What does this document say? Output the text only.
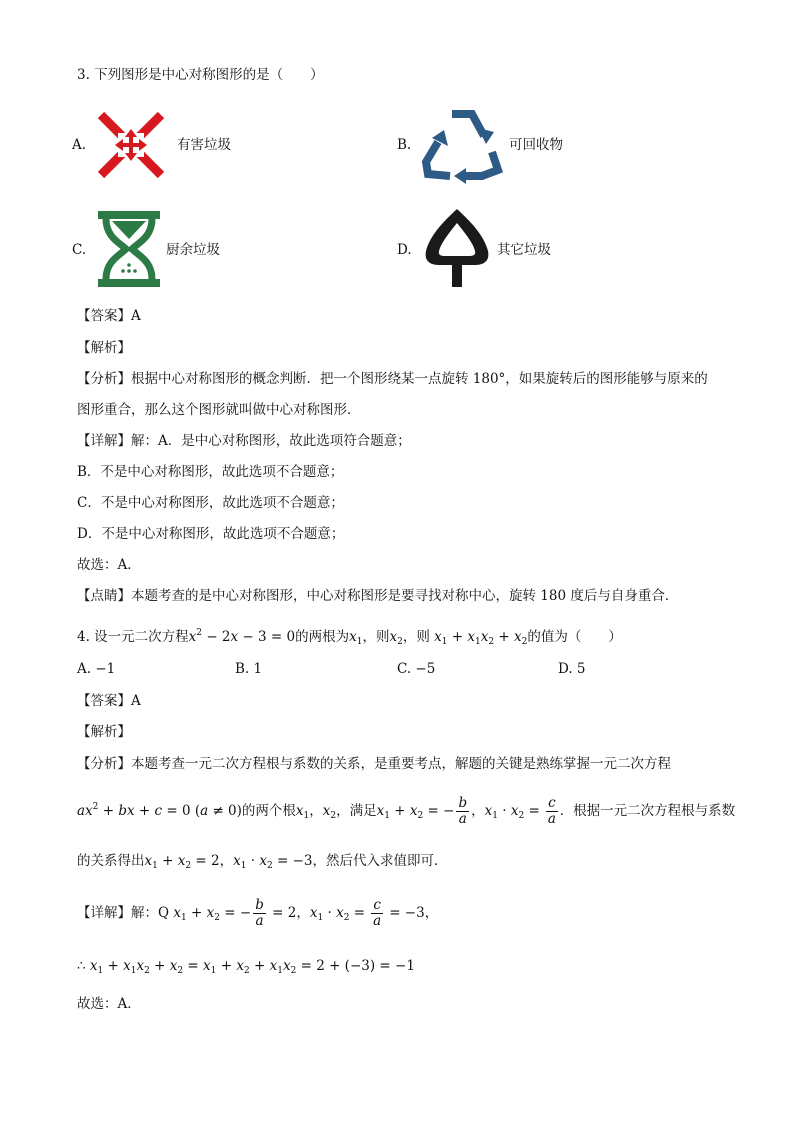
3. 下列图形是中心对称图形的是（　　）
A.	有害垃圾	B.	可回收物
C.	厨余垃圾	D.	其它垃圾
【答案】A
【解析】
【分析】根据中心对称图形的概念判断．把一个图形绕某一点旋转 180°，如果旋转后的图形能够与原来的
图形重合，那么这个图形就叫做中心对称图形．
【详解】解：A．是中心对称图形，故此选项符合题意；
B．不是中心对称图形，故此选项不合题意；
C．不是中心对称图形，故此选项不合题意；
D．不是中心对称图形，故此选项不合题意；
故选：A．
【点睛】本题考查的是中心对称图形，中心对称图形是要寻找对称中心，旋转 180 度后与自身重合．
4. 设一元二次方程$x^2 - 2x - 3 = 0$的两根为$x_1$，则$x_2$，则 $x_1 + x_1x_2 + x_2$的值为（　　）
A. −1	B. 1	C. −5	D. 5
【答案】A
【解析】
【分析】本题考查一元二次方程根与系数的关系，是重要考点，解题的关键是熟练掌握一元二次方程
$ax^2$ + bx + c = 0 (a ≠ 0)的两个根$x_1$，$x_2$，满足$x_1 + x_2$ = − $\frac{b}{a}$ ，$x_1 \cdot x_2 = \frac{c}{a}$ ．根据一元二次方程根与系数
的关系得出$x_1 + x_2 = 2$，$x_1 \cdot x_2 = -3$，然后代入求值即可．
【详解】解：Q $x_1 + x_2$ = − $\frac{b}{a} = 2$，$x_1 \cdot x_2 = \frac{c}{a} = -3$，
∴ $x_1 + x_1x_2 + x_2 = x_1 + x_2 + x_1x_2 = 2 + (-3) = -1$
故选：A．
